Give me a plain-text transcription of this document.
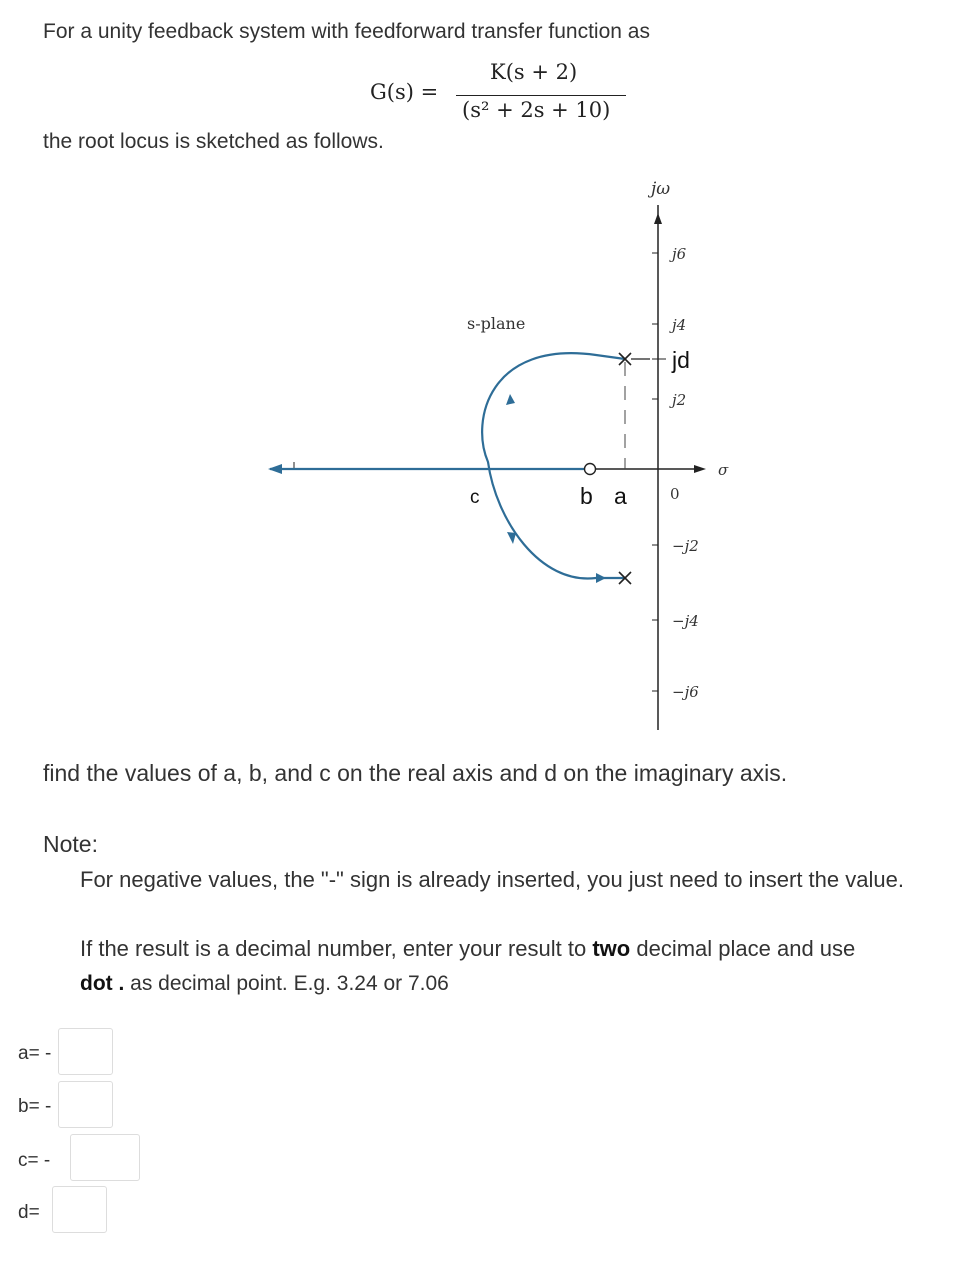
For a unity feedback system with feedforward transfer function as
G(s) =
K(s + 2)
(s² + 2s + 10)
the root locus is sketched as follows.
jω
σ
s-plane
j6
j4
jd
j2
0
−j2
−j4
−j6
c	b a
find the values of a, b, and c on the real axis and d on the imaginary axis.
Note:
For negative values, the "-" sign is already inserted, you just need to insert the value.
If the result is a decimal number, enter your result to two decimal place and use
dot . as decimal point. E.g. 3.24 or 7.06
a= -
b= -
c= -
d=
